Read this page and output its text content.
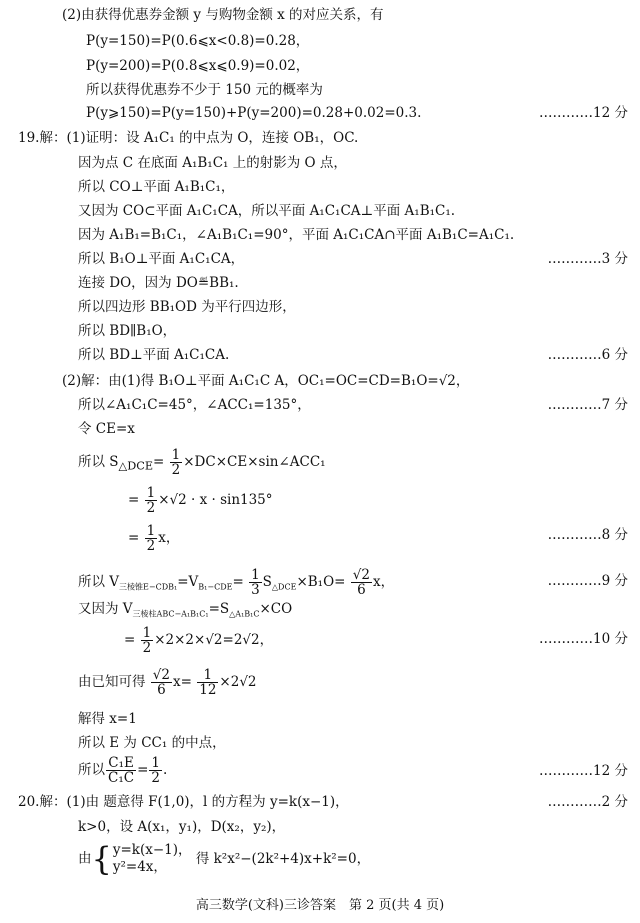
(2)由获得优惠券金额 y 与购物金额 x 的对应关系，有
P(y=150)=P(0.6⩽x<0.8)=0.28，
P(y=200)=P(0.8⩽x⩽0.9)=0.02，
所以获得优惠券不少于 150 元的概率为
P(y⩾150)=P(y=150)+P(y=200)=0.28+0.02=0.3.	…………12 分
19.解：(1)证明：设 A₁C₁ 的中点为 O，连接 OB₁，OC.
因为点 C 在底面 A₁B₁C₁ 上的射影为 O 点，
所以 CO⊥平面 A₁B₁C₁，
又因为 CO⊂平面 A₁C₁CA，所以平面 A₁C₁CA⊥平面 A₁B₁C₁.
因为 A₁B₁=B₁C₁，∠A₁B₁C₁=90°，平面 A₁C₁CA∩平面 A₁B₁C=A₁C₁.
所以 B₁O⊥平面 A₁C₁CA，	…………3 分
连接 DO，因为 DO≝BB₁.
所以四边形 BB₁OD 为平行四边形，
所以 BD∥B₁O，
所以 BD⊥平面 A₁C₁CA.	…………6 分
(2)解：由(1)得 B₁O⊥平面 A₁C₁C A，OC₁=OC=CD=B₁O=√2，
所以∠A₁C₁C=45°，∠ACC₁=135°，	…………7 分
令 CE=x
所以 $S_{\triangle DCE}= \frac{1}{2}$ ×DC×CE×sin∠ACC₁
= $\frac{1}{2} \times√2 \cdot x \cdot \sin 135^\circ$
= $\frac{1}{2}$ x，	…………8 分
所以 $V_{三棱锥E-CDB_1}=V_{B_1-CDE}= \frac{1}{3} S_{\triangle DCE}\times B_1O= \frac{√2}{6}$ x，	…………9 分
又因为 $V_{三棱柱ABC-A_1B_1C_1}=S_{\triangle A_1B_1C}\times CO$
= $\frac{1}{2} \times 2\times 2\times√2=2√2$，	…………10 分
由已知可得 $\frac{√2}{6} x= \frac{1}{12} \times 2√2$
解得 x=1
所以 E 为 CC₁ 的中点，
所以 $\frac{\text{C₁E}}{\text{C₁C}} = \frac{1}{2}$ .	…………12 分
20.解：(1)由 题意得 F(1,0)，l 的方程为 y=k(x−1)，	…………2 分
k>0，设 A(x₁，y₁)，D(x₂，y₂)，
由{ y=k(x−1)，
y²=4x，	得 k²x²−(2k²+4)x+k²=0，
高三数学(文科)三诊答案　第 2 页(共 4 页)
